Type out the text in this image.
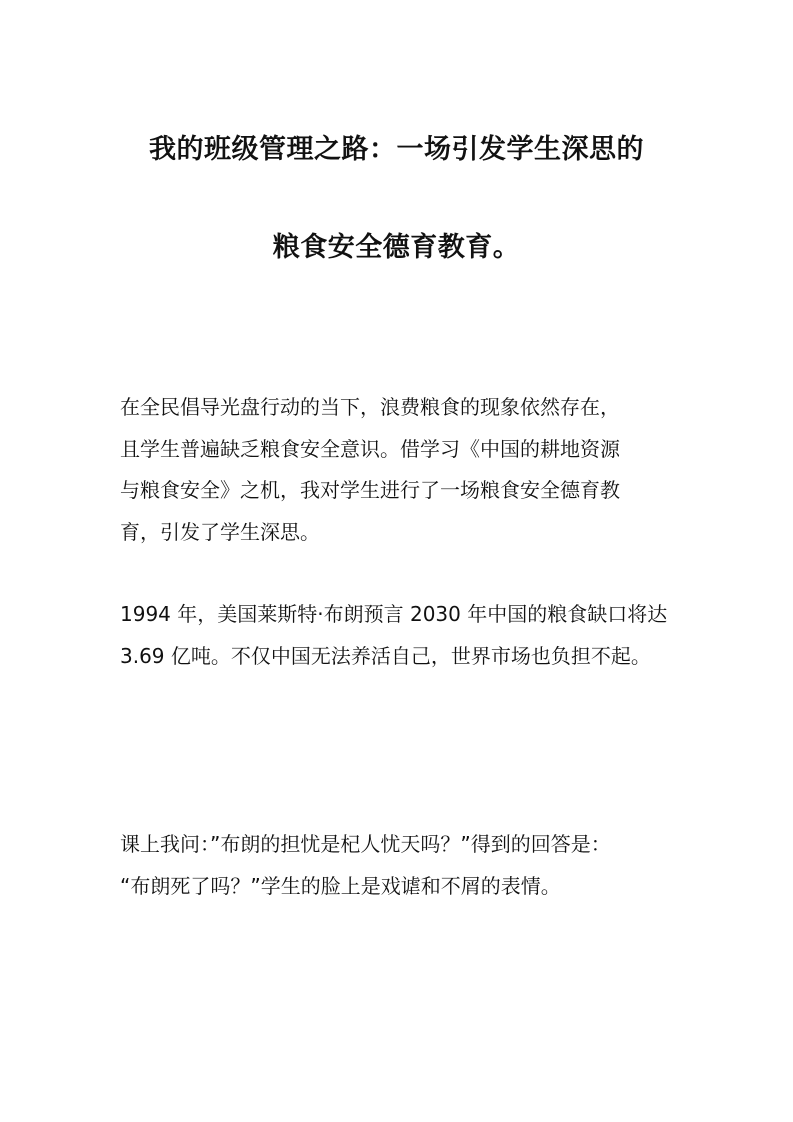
我的班级管理之路：一场引发学生深思的
粮食安全德育教育。
在全民倡导光盘行动的当下，浪费粮食的现象依然存在，
且学生普遍缺乏粮食安全意识。借学习《中国的耕地资源
与粮食安全》之机，我对学生进行了一场粮食安全德育教
育，引发了学生深思。
1994 年，美国莱斯特·布朗预言 2030 年中国的粮食缺口将达
3.69 亿吨。不仅中国无法养活自己，世界市场也负担不起。
课上我问：”布朗的担忧是杞人忧天吗？”得到的回答是：
“布朗死了吗？”学生的脸上是戏谑和不屑的表情。
